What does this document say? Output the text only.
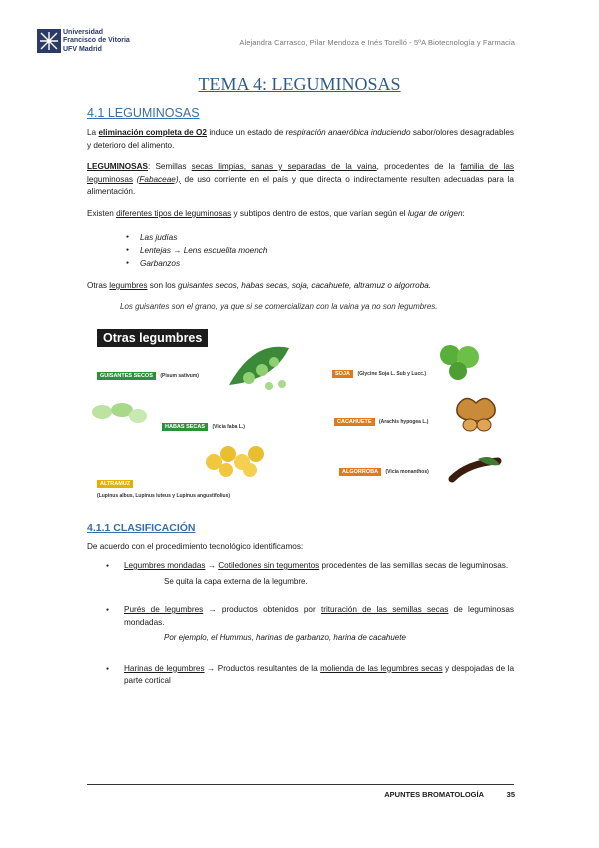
Universidad
Francisco de Vitoria
UFV Madrid
Alejandra Carrasco, Pilar Mendoza e Inés Torelló - 5ºA Biotecnología y Farmacia
TEMA 4: LEGUMINOSAS
4.1 LEGUMINOSAS
La eliminación completa de O2 induce un estado de respiración anaeróbica induciendo sabor/olores desagradables y deterioro del alimento.
LEGUMINOSAS: Semillas secas limpias, sanas y separadas de la vaina, procedentes de la familia de las leguminosas (Fabaceae), de uso corriente en el país y que directa o indirectamente resulten adecuadas para la alimentación.
Existen diferentes tipos de leguminosas y subtipos dentro de estos, que varían según el lugar de origen:
● Las judías
● Lentejas → Lens escuelita moench
● Garbanzos
Otras legumbres son los guisantes secos, habas secas, soja, cacahuete, altramuz o algorroba.
Los guisantes son el grano, ya que si se comercializan con la vaina ya no son legumbres.
Otras legumbres
GUISANTES SECOS (Pisum sativum)
HABAS SECAS (Vicia faba L.)
ALTRAMUZ
(Lupinus albus, Lupinus luteus y Lupinus angustifolius)
SOJA (Glycine Soja L. Sub y Lucc.)
CACAHUETE (Arachis hypogea L.)
ALGORROBA (Vicia monanthos)
4.1.1 CLASIFICACIÓN
De acuerdo con el procedimiento tecnológico identificamos:
● Legumbres mondadas → Cotiledones sin tegumentos procedentes de las semillas secas de leguminosas.
Se quita la capa externa de la legumbre.
● Purés de legumbres → productos obtenidos por trituración de las semillas secas de leguminosas mondadas.
Por ejemplo, el Hummus, harinas de garbanzo, harina de cacahuete
● Harinas de legumbres → Productos resultantes de la molienda de las legumbres secas y despojadas de la parte cortical
APUNTES BROMATOLOGÍA	35
